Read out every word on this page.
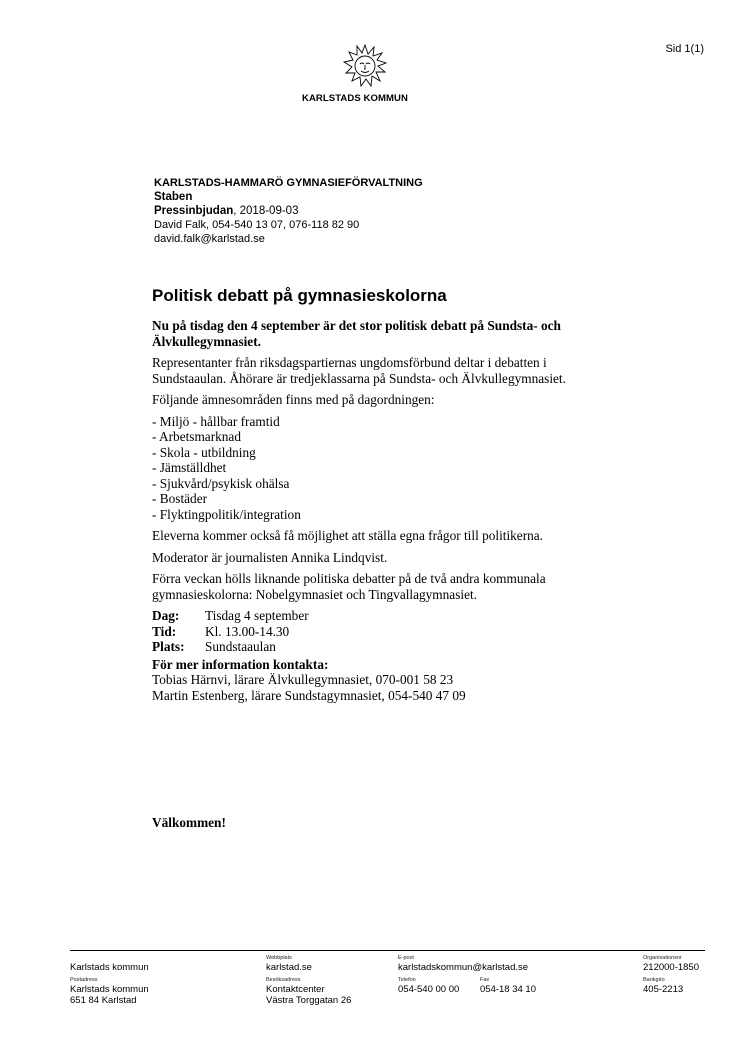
Sid 1(1)
KARLSTADS KOMMUN
KARLSTADS-HAMMARÖ GYMNASIEFÖRVALTNING
Staben
Pressinbjudan, 2018-09-03
David Falk, 054-540 13 07, 076-118 82 90
david.falk@karlstad.se
Politisk debatt på gymnasieskolorna

Nu på tisdag den 4 september är det stor politisk debatt på Sundsta- och Älvkullegymnasiet.

Representanter från riksdagspartiernas ungdomsförbund deltar i debatten i Sundstaaulan. Åhörare är tredjeklassarna på Sundsta- och Älvkullegymnasiet.

Följande ämnesområden finns med på dagordningen:

- Miljö - hållbar framtid
- Arbetsmarknad
- Skola - utbildning
- Jämställdhet
- Sjukvård/psykisk ohälsa
- Bostäder
- Flyktingpolitik/integration

Eleverna kommer också få möjlighet att ställa egna frågor till politikerna.

Moderator är journalisten Annika Lindqvist.

Förra veckan hölls liknande politiska debatter på de två andra kommunala gymnasieskolorna: Nobelgymnasiet och Tingvallagymnasiet.

Dag:	Tisdag 4 september
Tid:	Kl. 13.00-14.30
Plats:	Sundstaaulan
För mer information kontakta:
Tobias Härnvi, lärare Älvkullegymnasiet, 070-001 58 23
Martin Estenberg, lärare Sundstagymnasiet, 054-540 47 09
Välkommen!
Karlstads kommun
Postadress
Karlstads kommun
651 84 Karlstad
Webbplats
karlstad.se
Besöksadress
Kontaktcenter
Västra Torggatan 26
E-post
karlstadskommun@karlstad.se
Telefon
054-540 00 00

Fax
054-18 34 10
Organisationsnr
212000-1850
Bankgiro
405-2213
